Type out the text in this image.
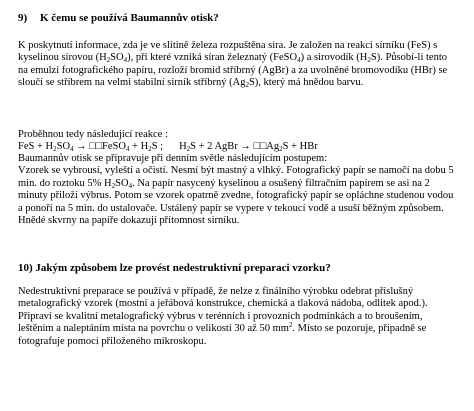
9) K čemu se používá Baumannův otisk?

K poskytnutí informace, zda je ve slitině železa rozpuštěna síra. Je založen na reakci sírníku (FeS) s kyselinou sírovou $(H_2SO_4)$, při které vzniká síran železnatý (FeSO$_4$) a sirovodík $(H_2S)$. Působí-li tento na emulzi fotografického papíru, rozloží bromid stříbrný (AgBr) a za uvolněné bromovodíku (HBr) se sloučí se stříbrem na velmi stabilní sirník stříbrný $(Ag_2S)$, který má hnědou barvu.

Proběhnou tedy následující reakce :

FeS + $H_2SO_4$ → □□FeSO$_4$ + $H_2S$ ; $H_2S + 2$ AgBr → $□□Ag_2S$ + HBr

Baumannův otisk se připravuje při denním světle následujícím postupem:
Vzorek se vybrousí, vyleští a očistí. Nesmí být mastný a vlhký. Fotografický papír se namočí na dobu 5 min. do roztoku 5% $H_2SO_4$. Na papír nasycený kyselinou a osušený filtračním papírem se asi na 2 minuty přiloží výbrus. Potom se vzorek opatrně zvedne, fotografický papír se opláchne studenou vodou a ponoří na 5 min. do ustalovače. Ustálený papír se vypere v tekoucí vodě a usuší běžným způsobem. Hnědé skvrny na papíře dokazují přítomnost sirníku.

10) Jakým způsobem lze provést nedestruktivní preparaci vzorku?

Nedestruktivní preparace se používá v případě, že nelze z finálního výrobku odebrat příslušný metalografický vzorek (mostní a jeřábová konstrukce, chemická a tlaková nádoba, odlitek apod.). Připraví se kvalitní metalografický výbrus v terénních i provozních podmínkách a to broušením, leštěním a naleptáním místa na povrchu o velikosti 30 až 50 $mm^2$. Místo se pozoruje, případně se fotografuje pomocí přiloženého mikroskopu.
